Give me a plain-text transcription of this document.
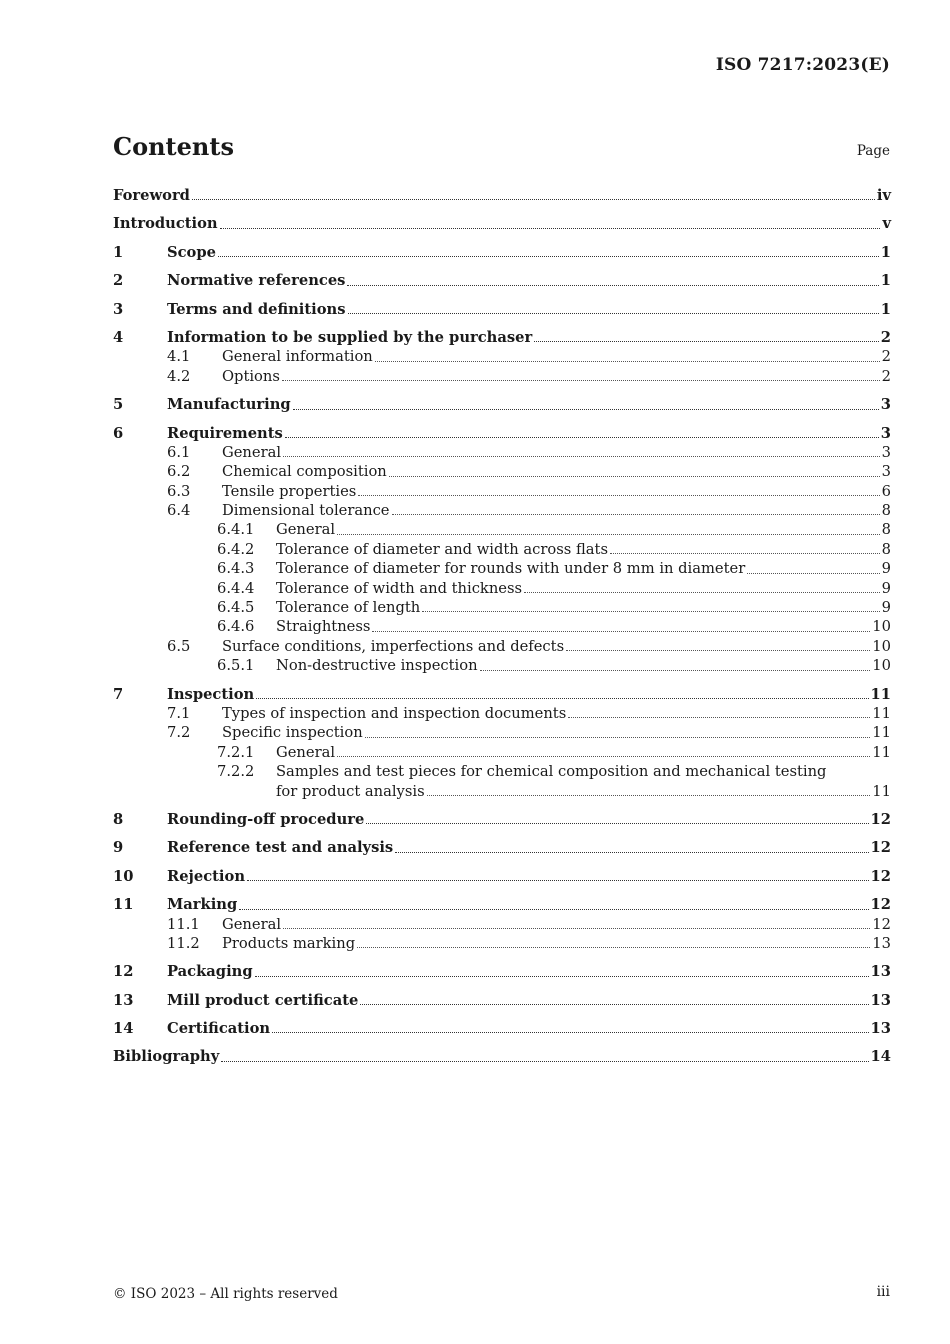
ISO 7217:2023(E)
Contents	Page
Foreword	iv
Introduction	v
1	Scope	1
2	Normative references	1
3	Terms and definitions	1
4	Information to be supplied by the purchaser	2
4.1	General information	2
4.2	Options	2
5	Manufacturing	3
6	Requirements	3
6.1	General	3
6.2	Chemical composition	3
6.3	Tensile properties	6
6.4	Dimensional tolerance	8
6.4.1	General	8
6.4.2	Tolerance of diameter and width across flats	8
6.4.3	Tolerance of diameter for rounds with under 8 mm in diameter	9
6.4.4	Tolerance of width and thickness	9
6.4.5	Tolerance of length	9
6.4.6	Straightness	10
6.5	Surface conditions, imperfections and defects	10
6.5.1	Non-destructive inspection	10
7	Inspection	11
7.1	Types of inspection and inspection documents	11
7.2	Specific inspection	11
7.2.1	General	11
7.2.2	Samples and test pieces for chemical composition and mechanical testing
for product analysis	11
8	Rounding-off procedure	12
9	Reference test and analysis	12
10	Rejection	12
11	Marking	12
11.1	General	12
11.2	Products marking	13
12	Packaging	13
13	Mill product certificate	13
14	Certification	13
Bibliography	14
© ISO 2023 – All rights reserved	iii
